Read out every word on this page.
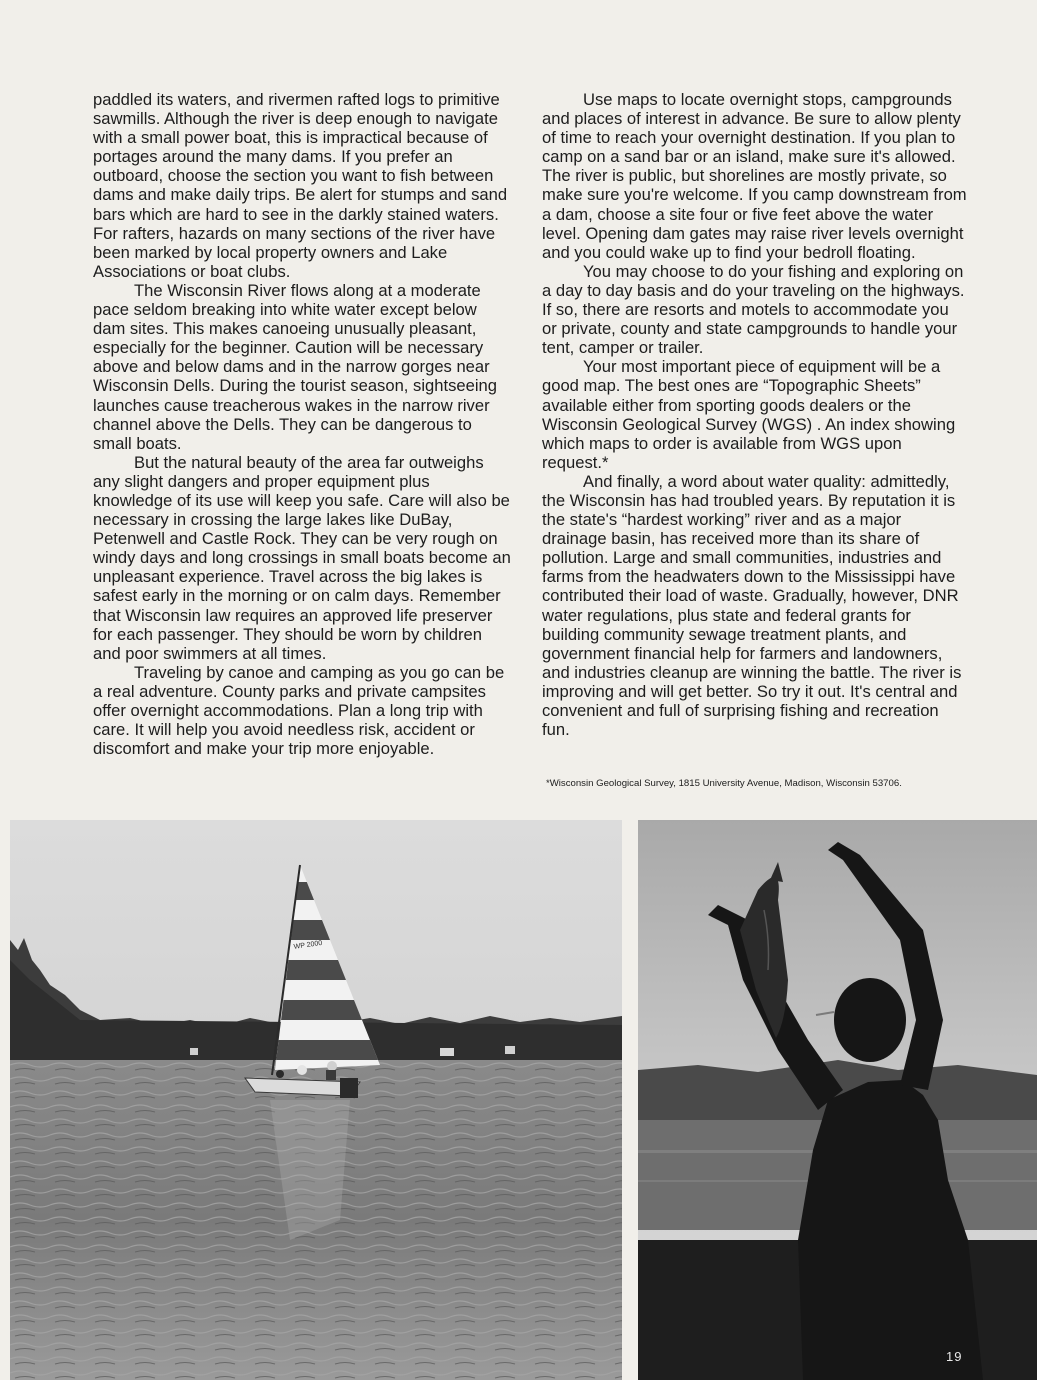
paddled its waters, and rivermen rafted logs to primitive sawmills. Although the river is deep enough to navigate with a small power boat, this is impractical because of portages around the many dams. If you prefer an outboard, choose the section you want to fish between dams and make daily trips. Be alert for stumps and sand bars which are hard to see in the darkly stained waters. For rafters, hazards on many sections of the river have been marked by local property owners and Lake Associations or boat clubs.

The Wisconsin River flows along at a moderate pace seldom breaking into white water except below dam sites. This makes canoeing unusually pleasant, especially for the beginner. Caution will be necessary above and below dams and in the narrow gorges near Wisconsin Dells. During the tourist season, sightseeing launches cause treacherous wakes in the narrow river channel above the Dells. They can be dangerous to small boats.

But the natural beauty of the area far outweighs any slight dangers and proper equipment plus knowledge of its use will keep you safe. Care will also be necessary in crossing the large lakes like DuBay, Petenwell and Castle Rock. They can be very rough on windy days and long crossings in small boats become an unpleasant experience. Travel across the big lakes is safest early in the morning or on calm days. Remember that Wisconsin law requires an approved life preserver for each passenger. They should be worn by children and poor swimmers at all times.

Traveling by canoe and camping as you go can be a real adventure. County parks and private campsites offer overnight accommodations. Plan a long trip with care. It will help you avoid needless risk, accident or discomfort and make your trip more enjoyable.

Use maps to locate overnight stops, campgrounds and places of interest in advance. Be sure to allow plenty of time to reach your overnight destination. If you plan to camp on a sand bar or an island, make sure it's allowed. The river is public, but shorelines are mostly private, so make sure you're welcome. If you camp downstream from a dam, choose a site four or five feet above the water level. Opening dam gates may raise river levels overnight and you could wake up to find your bedroll floating.

You may choose to do your fishing and exploring on a day to day basis and do your traveling on the highways. If so, there are resorts and motels to accommodate you or private, county and state campgrounds to handle your tent, camper or trailer.

Your most important piece of equipment will be a good map. The best ones are “Topographic Sheets” available either from sporting goods dealers or the Wisconsin Geological Survey (WGS) . An index showing which maps to order is available from WGS upon request.*

And finally, a word about water quality: admittedly, the Wisconsin has had troubled years. By reputation it is the state's “hardest working” river and as a major drainage basin, has received more than its share of pollution. Large and small communities, industries and farms from the headwaters down to the Mississippi have contributed their load of waste. Gradually, however, DNR water regulations, plus state and federal grants for building community sewage treatment plants, and government financial help for farmers and landowners, and industries cleanup are winning the battle. The river is improving and will get better. So try it out. It's central and convenient and full of surprising fishing and recreation fun.

*Wisconsin Geological Survey, 1815 University Avenue, Madison, Wisconsin 53706.
WP 2000
19
